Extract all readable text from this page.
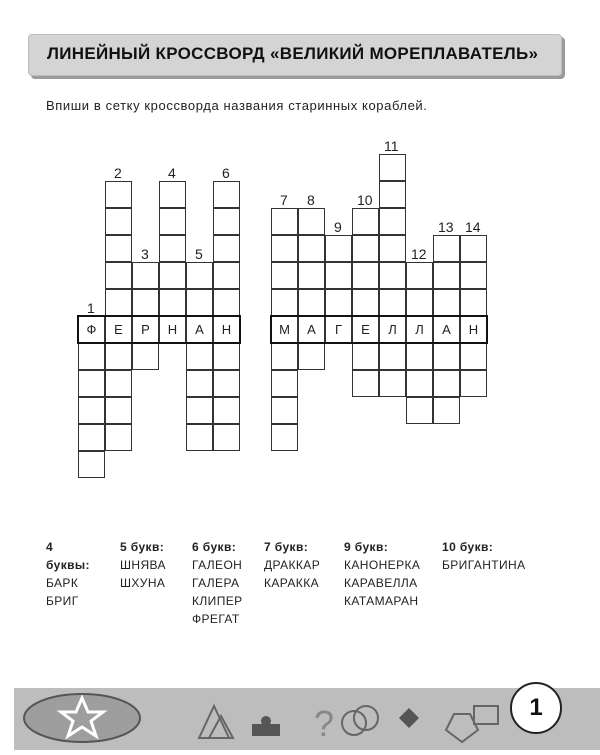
ЛИНЕЙНЫЙ КРОССВОРД «ВЕЛИКИЙ МОРЕПЛАВАТЕЛЬ»
Впиши в сетку кроссворда названия старинных кораблей.
1
2
3
4
5
6
7 8
9
10
11
12
13 14
Ф	Е	Р	Н	А	Н	М	А	Г	Е	Л	Л	А	Н
4 буквы:
БАРК
БРИГ
5 букв:
ШНЯВА
ШХУНА
6 букв:
ГАЛЕОН
ГАЛЕРА
КЛИПЕР
ФРЕГАТ
7 букв:
ДРАККАР
КАРАККА
9 букв:
КАНОНЕРКА
КАРАВЕЛЛА
КАТАМАРАН
10 букв:
БРИГАНТИНА
?	1
